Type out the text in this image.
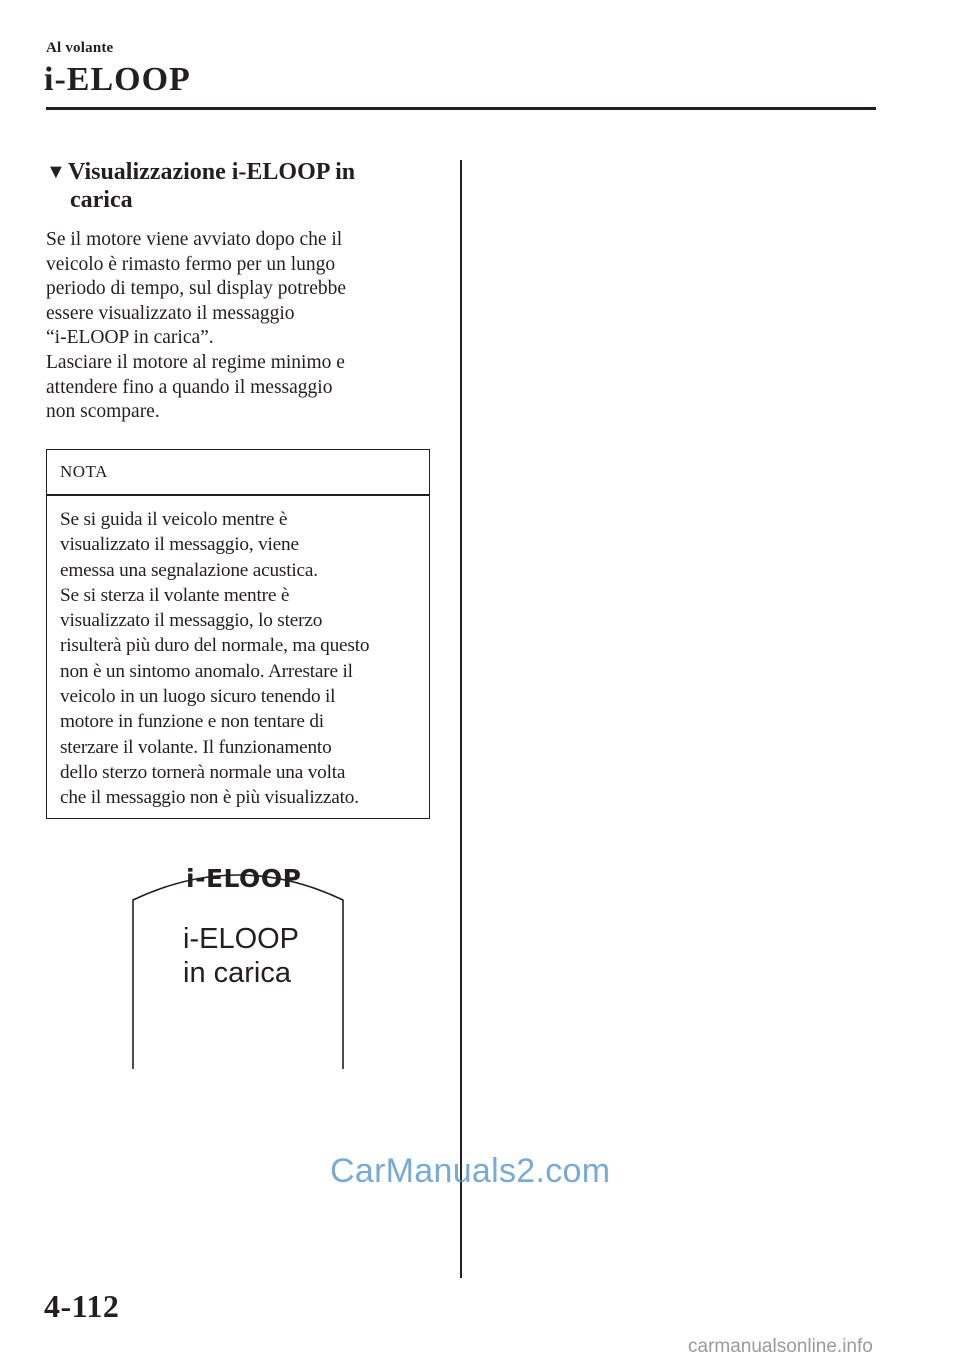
Al volante
i-ELOOP
▼Visualizzazione i-ELOOP in
carica

Se il motore viene avviato dopo che il

veicolo è rimasto fermo per un lungo

periodo di tempo, sul display potrebbe

essere visualizzato il messaggio

“i-ELOOP in carica”.

Lasciare il motore al regime minimo e

attendere fino a quando il messaggio

non scompare.

NOTA

Se si guida il veicolo mentre è

visualizzato il messaggio, viene

emessa una segnalazione acustica.

Se si sterza il volante mentre è

visualizzato il messaggio, lo sterzo

risulterà più duro del normale, ma questo

non è un sintomo anomalo. Arrestare il

veicolo in un luogo sicuro tenendo il

motore in funzione e non tentare di

sterzare il volante. Il funzionamento

dello sterzo tornerà normale una volta

che il messaggio non è più visualizzato.

i-ELOOP
i-ELOOP
in carica
CarManuals2.com
4-112
carmanualsonline.info
